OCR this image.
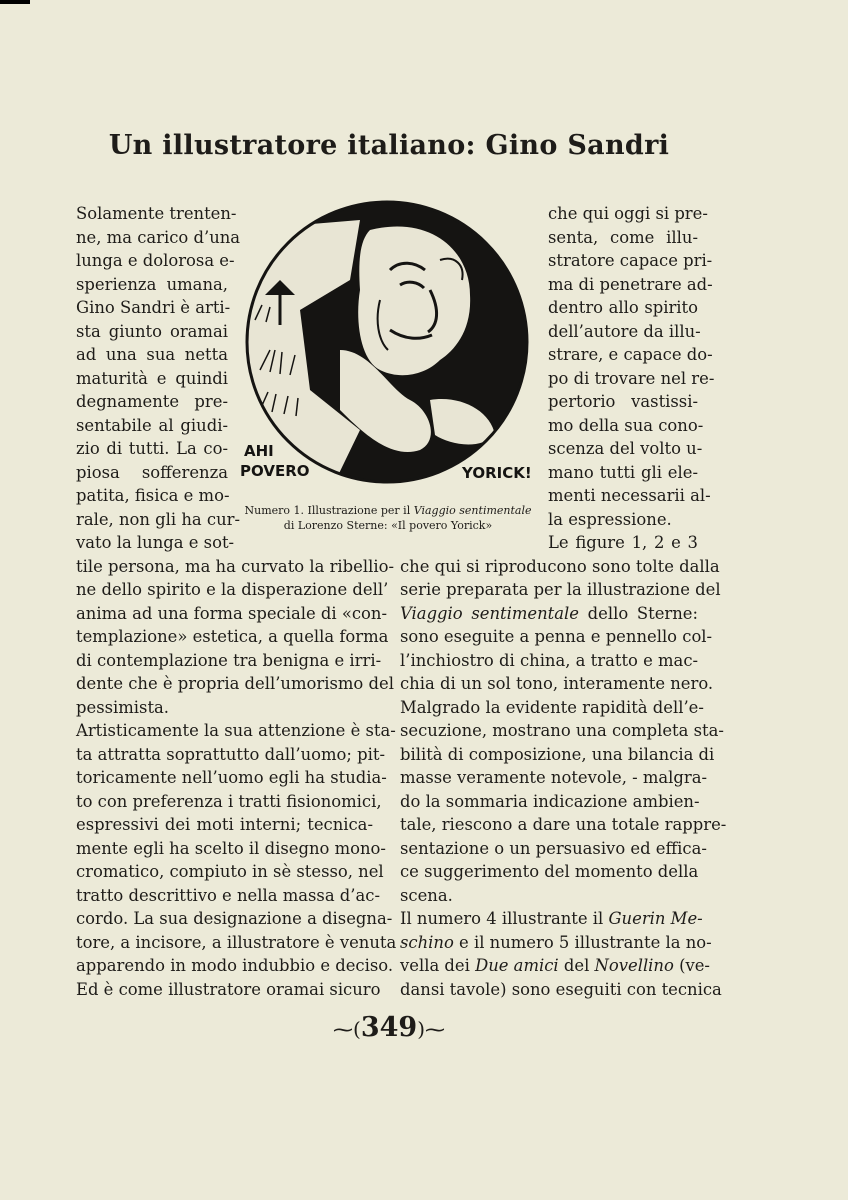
Un illustratore italiano: Gino Sandri
AHI
POVERO	YORICK!
Numero 1. Illustrazione per il Viaggio sentimentale
di Lorenzo Sterne: «Il povero Yorick»
Solamente trenten-
ne, ma carico d’una
lunga e dolorosa e-
sperienza umana,
Gino Sandri è arti-
sta giunto oramai
ad una sua netta
maturità e quindi
degnamente pre-
sentabile al giudi-
zio di tutti. La co-
piosa sofferenza
patita, fisica e mo-
rale, non gli ha cur-
vato la lunga e sot-
che qui oggi si pre-
senta, come illu-
stratore capace pri-
ma di penetrare ad-
dentro allo spirito
dell’autore da illu-
strare, e capace do-
po di trovare nel re-
pertorio vastissi-
mo della sua cono-
scenza del volto u-
mano tutti gli ele-
menti necessarii al-
la espressione.
Le figure 1, 2 e 3
tile persona, ma ha curvato la ribellio-
ne dello spirito e la disperazione dell’
anima ad una forma speciale di «con-
templazione» estetica, a quella forma
di contemplazione tra benigna e irri-
dente che è propria dell’umorismo del
pessimista.
Artisticamente la sua attenzione è sta-
ta attratta soprattutto dall’uomo; pit-
toricamente nell’uomo egli ha studia-
to con preferenza i tratti fisionomici,
espressivi dei moti interni; tecnica-
mente egli ha scelto il disegno mono-
cromatico, compiuto in sè stesso, nel
tratto descrittivo e nella massa d’ac-
cordo. La sua designazione a disegna-
tore, a incisore, a illustratore è venuta
apparendo in modo indubbio e deciso.
Ed è come illustratore oramai sicuro
che qui si riproducono sono tolte dalla
serie preparata per la illustrazione del
Viaggio sentimentale dello Sterne:
sono eseguite a penna e pennello col-
l’inchiostro di china, a tratto e mac-
chia di un sol tono, interamente nero.
Malgrado la evidente rapidità dell’e-
secuzione, mostrano una completa sta-
bilità di composizione, una bilancia di
masse veramente notevole, - malgra-
do la sommaria indicazione ambien-
tale, riescono a dare una totale rappre-
sentazione o un persuasivo ed effica-
ce suggerimento del momento della
scena.
Il numero 4 illustrante il Guerin Me-
schino e il numero 5 illustrante la no-
vella dei Due amici del Novellino (ve-
dansi tavole) sono eseguiti con tecnica
⁓(349)⁓
